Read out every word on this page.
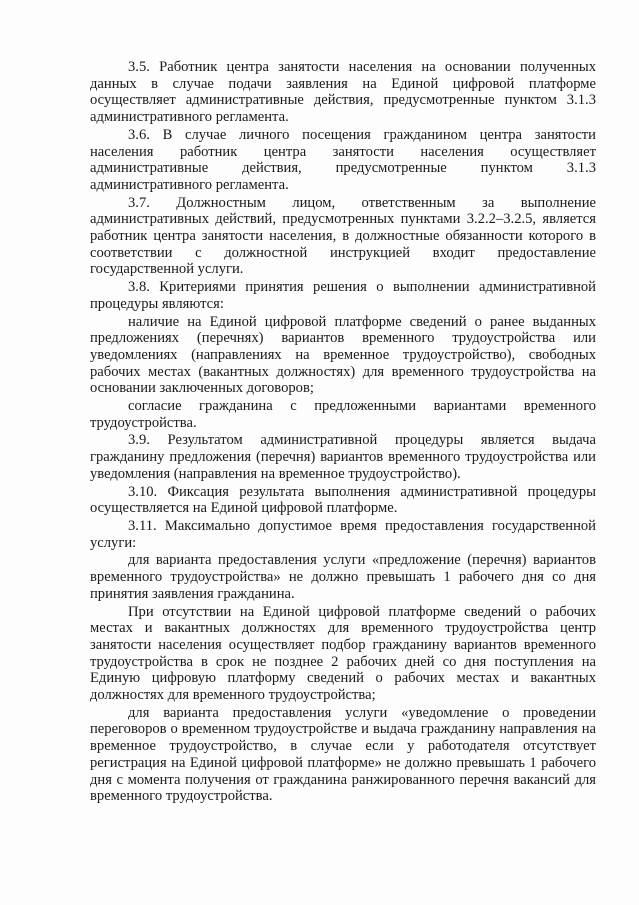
3.5. Работник центра занятости населения на основании полученных данных в случае подачи заявления на Единой цифровой платформе осуществляет административные действия, предусмотренные пунктом 3.1.3 административного регламента.

3.6. В случае личного посещения гражданином центра занятости населения работник центра занятости населения осуществляет административные действия, предусмотренные пунктом 3.1.3 административного регламента.

3.7. Должностным лицом, ответственным за выполнение административных действий, предусмотренных пунктами 3.2.2–3.2.5, является работник центра занятости населения, в должностные обязанности которого в соответствии с должностной инструкцией входит предоставление государственной услуги.

3.8. Критериями принятия решения о выполнении административной процедуры являются:

наличие на Единой цифровой платформе сведений о ранее выданных предложениях (перечнях) вариантов временного трудоустройства или уведомлениях (направлениях на временное трудоустройство), свободных рабочих местах (вакантных должностях) для временного трудоустройства на основании заключенных договоров;

согласие гражданина с предложенными вариантами временного трудоустройства.

3.9. Результатом административной процедуры является выдача гражданину предложения (перечня) вариантов временного трудоустройства или уведомления (направления на временное трудоустройство).

3.10. Фиксация результата выполнения административной процедуры осуществляется на Единой цифровой платформе.

3.11. Максимально допустимое время предоставления государственной услуги:

для варианта предоставления услуги «предложение (перечня) вариантов временного трудоустройства» не должно превышать 1 рабочего дня со дня принятия заявления гражданина.

При отсутствии на Единой цифровой платформе сведений о рабочих местах и вакантных должностях для временного трудоустройства центр занятости населения осуществляет подбор гражданину вариантов временного трудоустройства в срок не позднее 2 рабочих дней со дня поступления на Единую цифровую платформу сведений о рабочих местах и вакантных должностях для временного трудоустройства;

для варианта предоставления услуги «уведомление о проведении переговоров о временном трудоустройстве и выдача гражданину направления на временное трудоустройство, в случае если у работодателя отсутствует регистрация на Единой цифровой платформе» не должно превышать 1 рабочего дня с момента получения от гражданина ранжированного перечня вакансий для временного трудоустройства.
